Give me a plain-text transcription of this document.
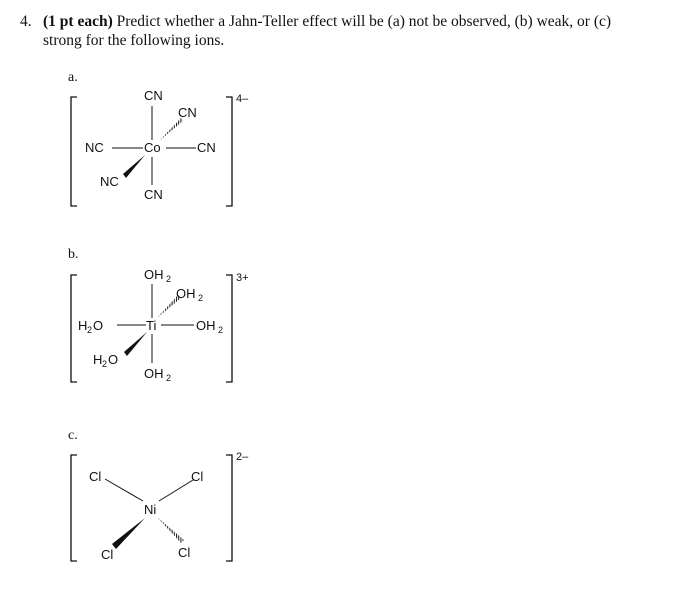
4. (1 pt each) Predict whether a Jahn-Teller effect will be (a) not be observed, (b) weak, or (c)
strong for the following ions.
a.
b.
c.
4–
CN
CN
NC	Co	CN
NC
CN
3+
OH 2
OH 2
H 2 O	Ti	OH 2
H 2 O
OH 2
2–
Cl	Cl
Ni
Cl	Cl
